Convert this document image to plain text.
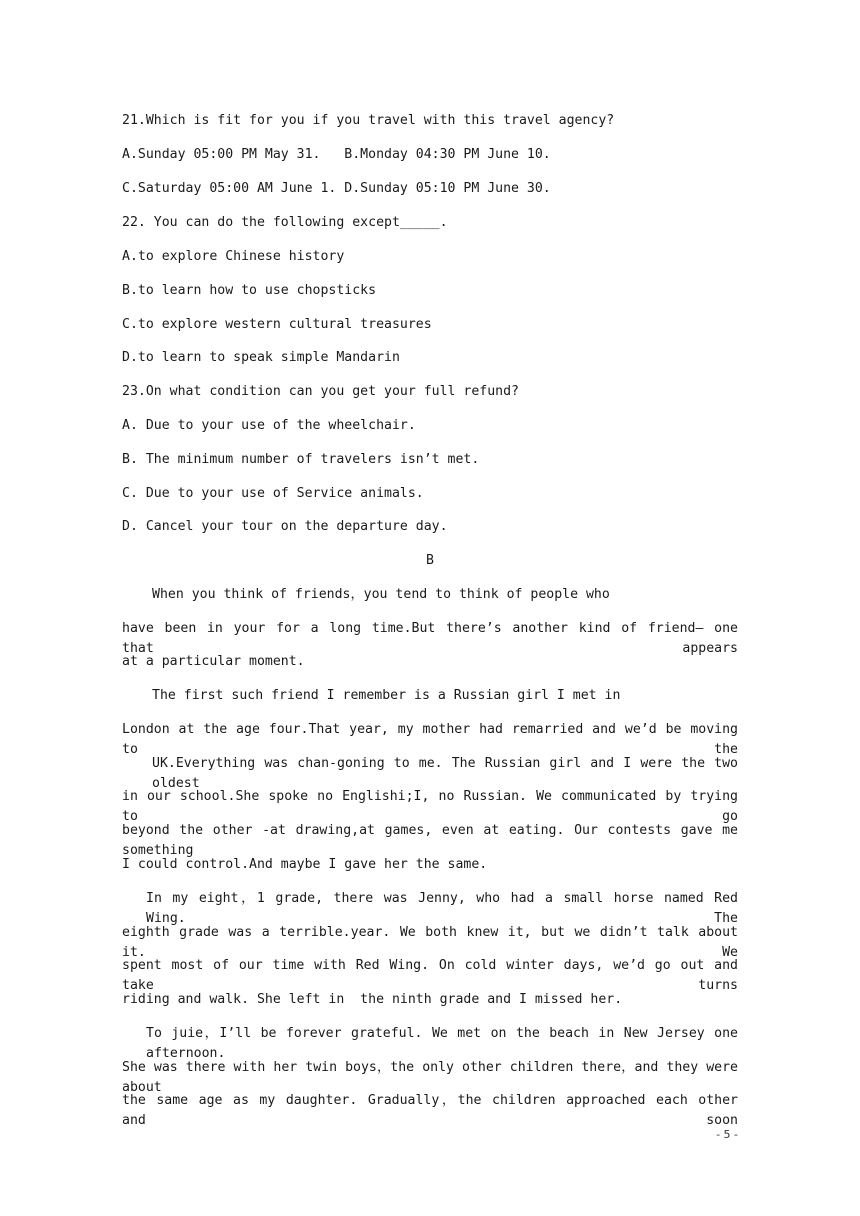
21.Which is fit for you if you travel with this travel agency?
A.Sunday 05:00 PM May 31.   B.Monday 04:30 PM June 10.
C.Saturday 05:00 AM June 1. D.Sunday 05:10 PM June 30.
22. You can do the following except_____.
A.to explore Chinese history
B.to learn how to use chopsticks
C.to explore western cultural treasures
D.to learn to speak simple Mandarin
23.On what condition can you get your full refund?
A. Due to your use of the wheelchair.
B. The minimum number of travelers isn’t met.
C. Due to your use of Service animals.
D. Cancel your tour on the departure day.
B
When you think of friends，you tend to think of people who
have been in your for a long time.But there’s another kind of friend— one that appears
at a particular moment.
The first such friend I remember is a Russian girl I met in
London at the age four.That year, my mother had remarried and we’d be moving to the
UK.Everything was chan-goning to me. The Russian girl and I were the two oldest
in our school.She spoke no Englishi;I, no Russian. We communicated by trying to go
beyond the other -at drawing,at games, even at eating. Our contests gave me something
I could control.And maybe I gave her the same.
In my eight，1 grade, there was Jenny, who had a small horse named Red Wing. The
eighth grade was a terrible.year. We both knew it, but we didn’t talk about it. We
spent most of our time with Red Wing. On cold winter days, we’d go out and take turns
riding and walk. She left in  the ninth grade and I missed her.
To juie，I’ll be forever grateful. We met on the beach in New Jersey one afternoon.
She was there with her twin boys，the only other children there，and they were about
the same age as my daughter. Gradually，the children approached each other and soon
- 5 -
